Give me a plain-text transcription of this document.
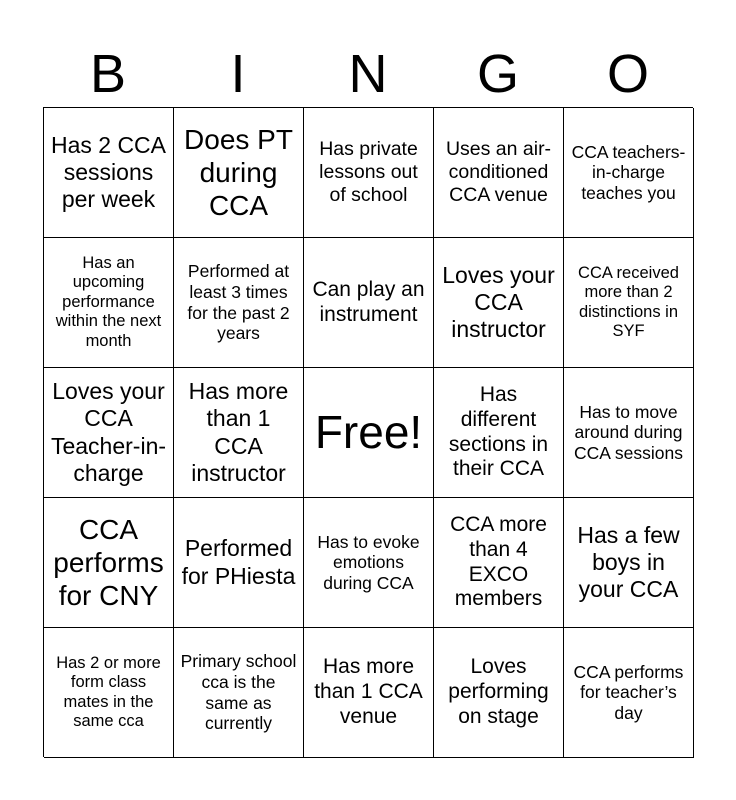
B	I	N	G	O
Has 2 CCA sessions per week
Does PT during CCA
Has private lessons out of school
Uses an air-conditioned CCA venue
CCA teachers-in-charge teaches you
Has an upcoming performance within the next month
Performed at least 3 times for the past 2 years
Can play an instrument
Loves your CCA instructor
CCA received more than 2 distinctions in SYF
Loves your CCA Teacher-in-charge
Has more than 1 CCA instructor
Free!
Has different sections in their CCA
Has to move around during CCA sessions
CCA performs for CNY
Performed for PHiesta
Has to evoke emotions during CCA
CCA more than 4 EXCO members
Has a few boys in your CCA
Has 2 or more form class mates in the same cca
Primary school cca is the same as currently
Has more than 1 CCA venue
Loves performing on stage
CCA performs for teacher’s day
